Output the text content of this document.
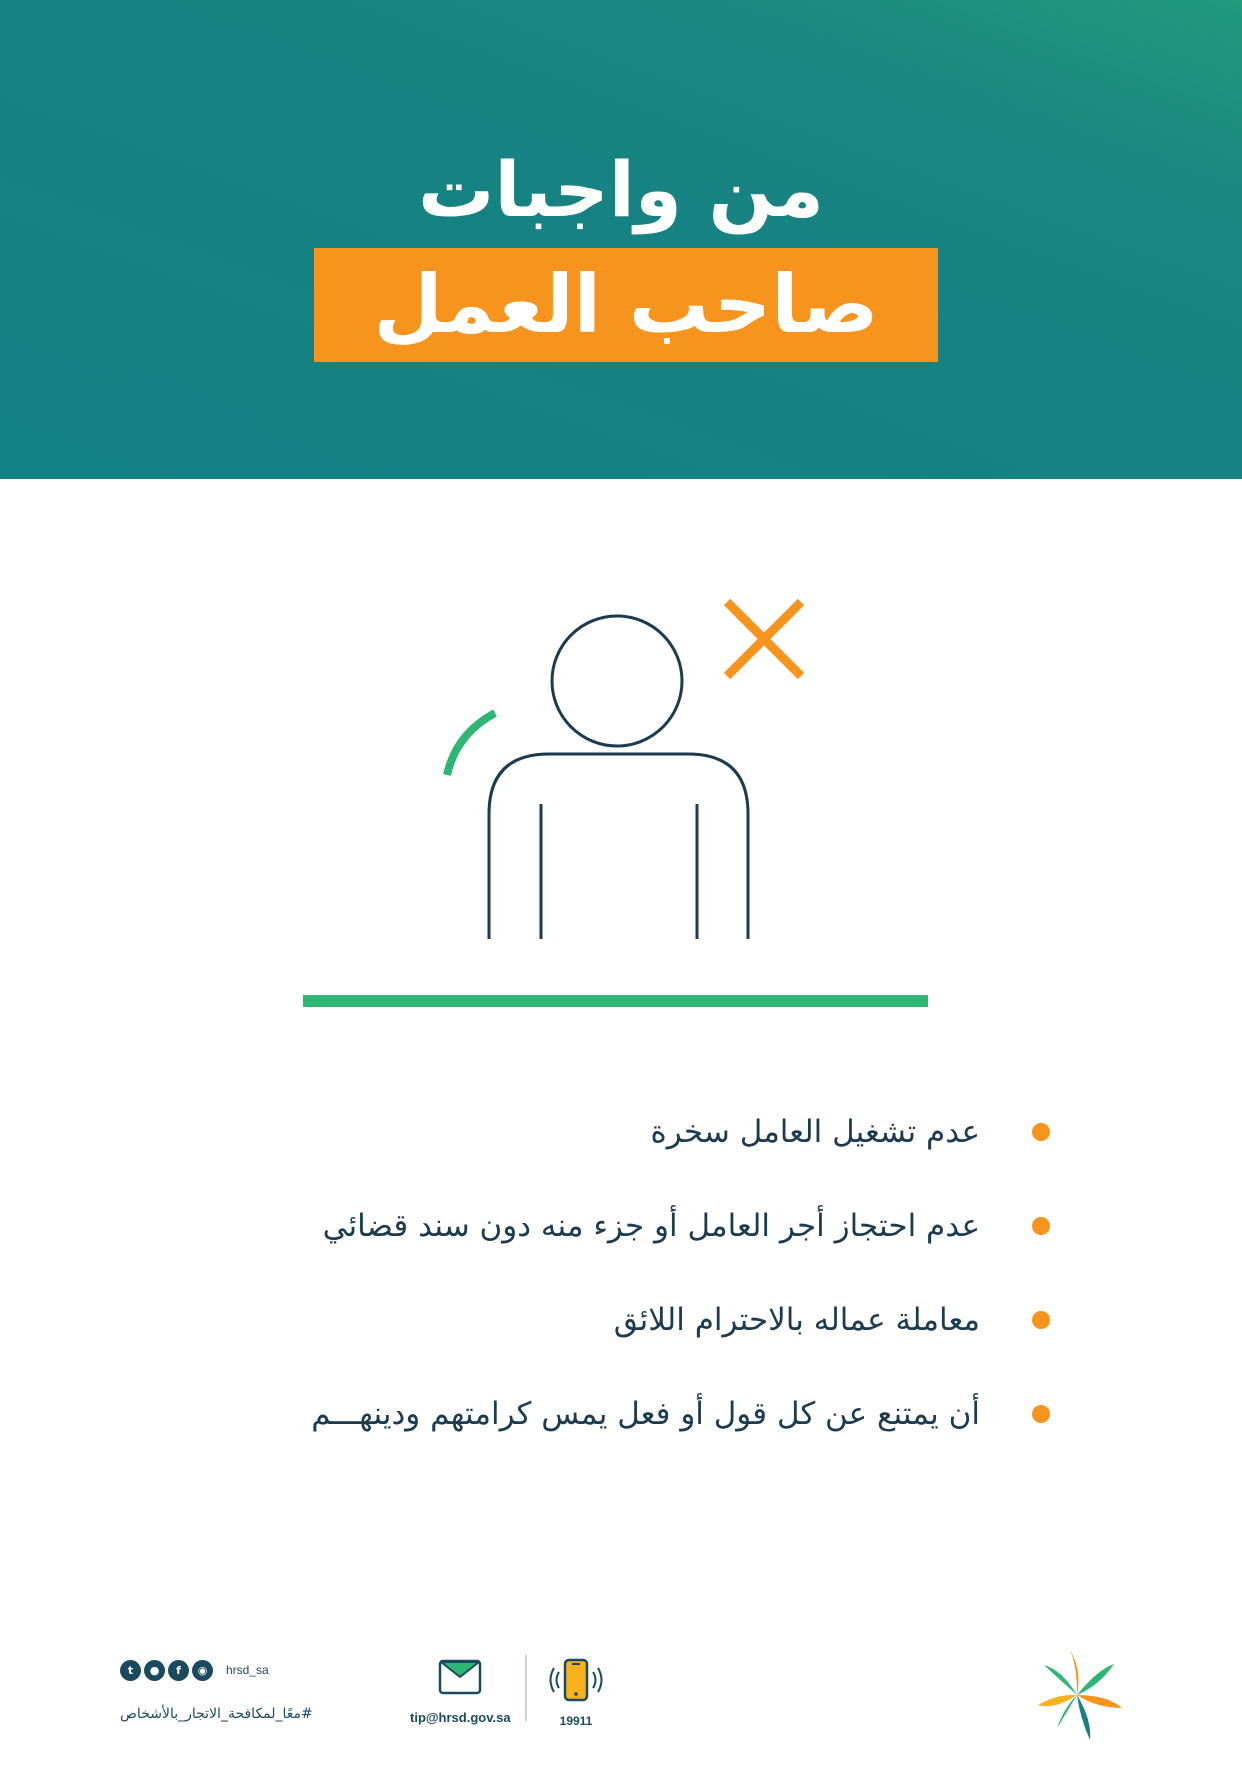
من واجبات
صاحب العمل
عدم تشغيل العامل سخرة
عدم احتجاز أجر العامل أو جزء منه دون سند قضائي
معاملة عماله بالاحترام اللائق
أن يمتنع عن كل قول أو فعل يمس كرامتهم ودينهـــم
t	●	f	◉	hrsd_sa
#معًا_لمكافحة_الاتجار_بالأشخاص	tip@hrsd.gov.sa	19911
